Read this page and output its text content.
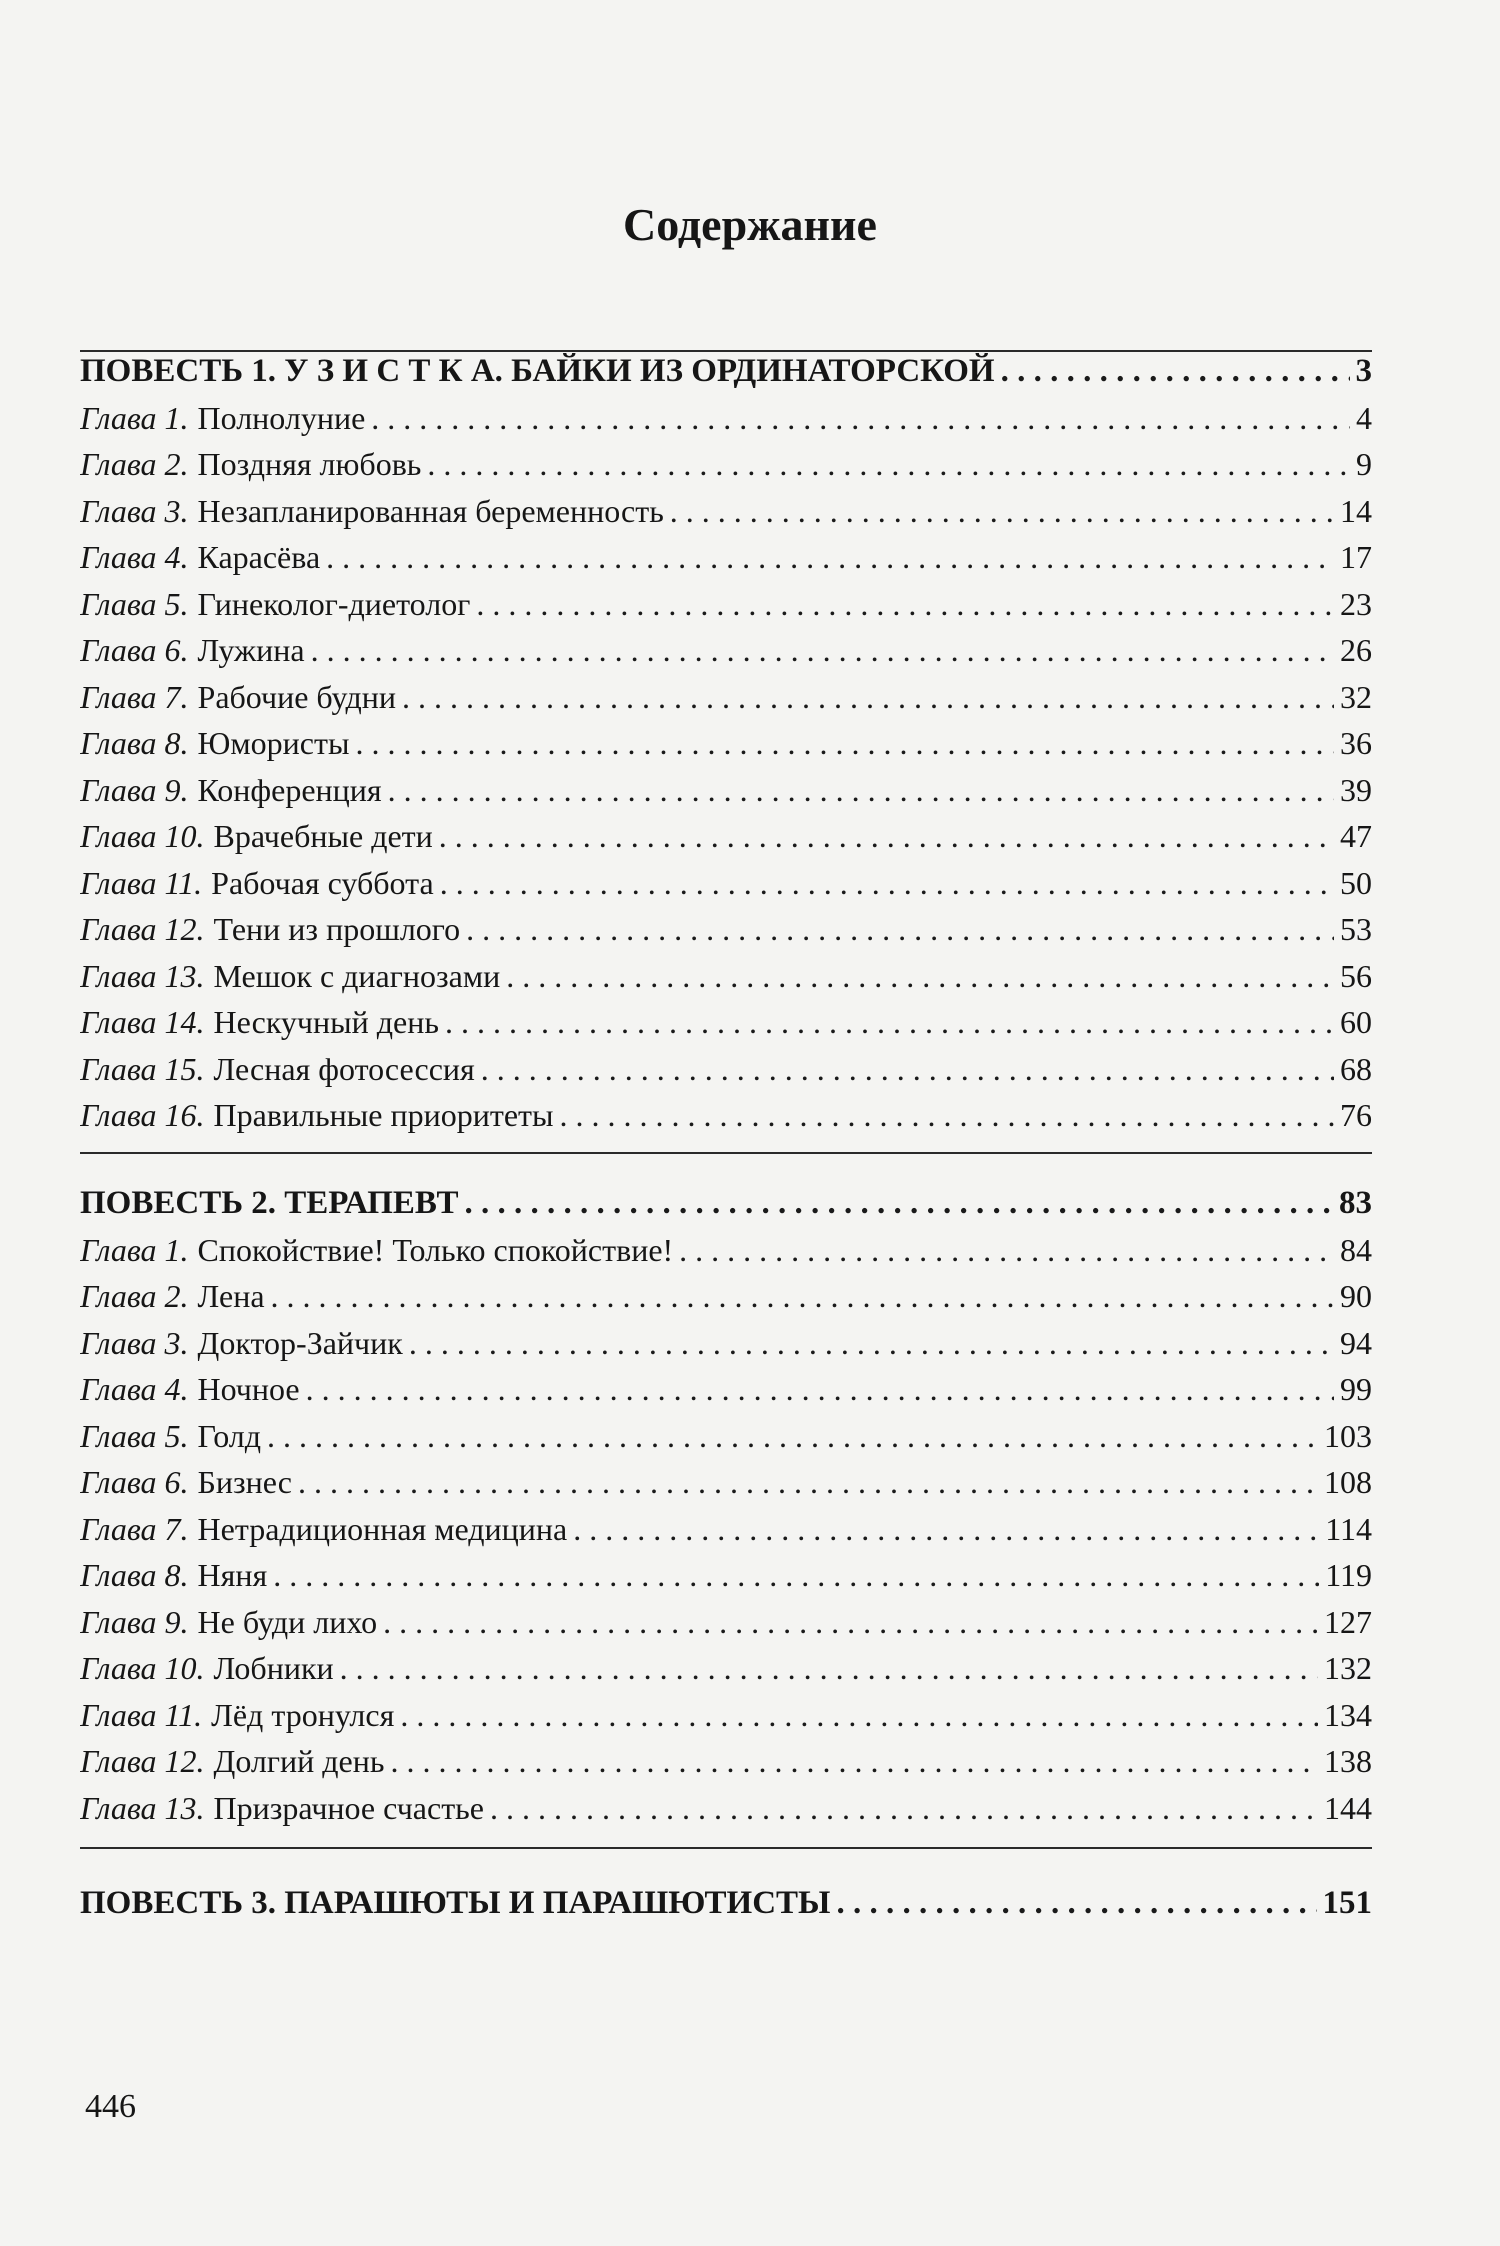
Содержание
ПОВЕСТЬ 1. У З И С Т К А. БАЙКИ ИЗ ОРДИНАТОРСКОЙ . . .	3
Глава 1. Полнолуние . . .	4
Глава 2. Поздняя любовь . . .	9
Глава 3. Незапланированная беременность . . .	14
Глава 4. Карасёва . . .	17
Глава 5. Гинеколог-диетолог . . .	23
Глава 6. Лужина . . .	26
Глава 7. Рабочие будни . . .	32
Глава 8. Юмористы . . .	36
Глава 9. Конференция . . .	39
Глава 10. Врачебные дети . . .	47
Глава 11. Рабочая суббота . . .	50
Глава 12. Тени из прошлого . . .	53
Глава 13. Мешок с диагнозами . . .	56
Глава 14. Нескучный день . . .	60
Глава 15. Лесная фотосессия . . .	68
Глава 16. Правильные приоритеты . . .	76
ПОВЕСТЬ 2. ТЕРАПЕВТ . . .	83
Глава 1. Спокойствие! Только спокойствие! . . .	84
Глава 2. Лена . . .	90
Глава 3. Доктор-Зайчик . . .	94
Глава 4. Ночное . . .	99
Глава 5. Голд . . .	103
Глава 6. Бизнес . . .	108
Глава 7. Нетрадиционная медицина . . .	114
Глава 8. Няня . . .	119
Глава 9. Не буди лихо . . .	127
Глава 10. Лобники . . .	132
Глава 11. Лёд тронулся . . .	134
Глава 12. Долгий день . . .	138
Глава 13. Призрачное счастье . . .	144
ПОВЕСТЬ 3. ПАРАШЮТЫ И ПАРАШЮТИСТЫ . . .	151
446
